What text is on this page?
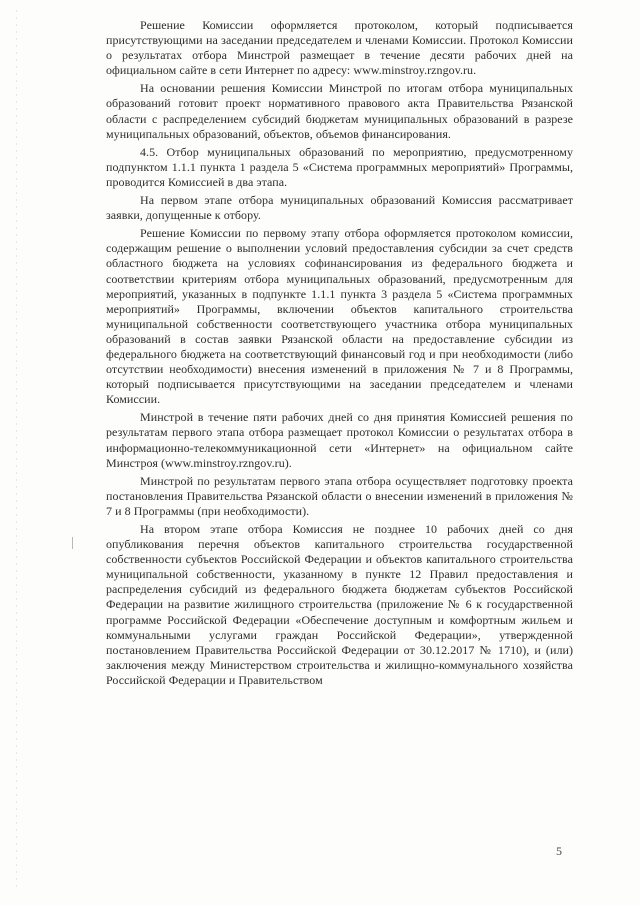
Решение Комиссии оформляется протоколом, который подписывается присутствующими на заседании председателем и членами Комиссии. Протокол Комиссии о результатах отбора Минстрой размещает в течение десяти рабочих дней на официальном сайте в сети Интернет по адресу: www.minstroy.rzngov.ru.

На основании решения Комиссии Минстрой по итогам отбора муниципальных образований готовит проект нормативного правового акта Правительства Рязанской области с распределением субсидий бюджетам муниципальных образований в разрезе муниципальных образований, объектов, объемов финансирования.

4.5. Отбор муниципальных образований по мероприятию, предусмотренному подпунктом 1.1.1 пункта 1 раздела 5 «Система программных мероприятий» Программы, проводится Комиссией в два этапа.

На первом этапе отбора муниципальных образований Комиссия рассматривает заявки, допущенные к отбору.

Решение Комиссии по первому этапу отбора оформляется протоколом комиссии, содержащим решение о выполнении условий предоставления субсидии за счет средств областного бюджета на условиях софинансирования из федерального бюджета и соответствии критериям отбора муниципальных образований, предусмотренным для мероприятий, указанных в подпункте 1.1.1 пункта 3 раздела 5 «Система программных мероприятий» Программы, включении объектов капитального строительства муниципальной собственности соответствующего участника отбора муниципальных образований в состав заявки Рязанской области на предоставление субсидии из федерального бюджета на соответствующий финансовый год и при необходимости (либо отсутствии необходимости) внесения изменений в приложения № 7 и 8 Программы, который подписывается присутствующими на заседании председателем и членами Комиссии.

Минстрой в течение пяти рабочих дней со дня принятия Комиссией решения по результатам первого этапа отбора размещает протокол Комиссии о результатах отбора в информационно-телекоммуникационной сети «Интернет» на официальном сайте Минстроя (www.minstroy.rzngov.ru).

Минстрой по результатам первого этапа отбора осуществляет подготовку проекта постановления Правительства Рязанской области о внесении изменений в приложения № 7 и 8 Программы (при необходимости).

На втором этапе отбора Комиссия не позднее 10 рабочих дней со дня опубликования перечня объектов капитального строительства государственной собственности субъектов Российской Федерации и объектов капитального строительства муниципальной собственности, указанному в пункте 12 Правил предоставления и распределения субсидий из федерального бюджета бюджетам субъектов Российской Федерации на развитие жилищного строительства (приложение № 6 к государственной программе Российской Федерации «Обеспечение доступным и комфортным жильем и коммунальными услугами граждан Российской Федерации», утвержденной постановлением Правительства Российской Федерации от 30.12.2017 № 1710), и (или) заключения между Министерством строительства и жилищно-коммунального хозяйства Российской Федерации и Правительством

5
